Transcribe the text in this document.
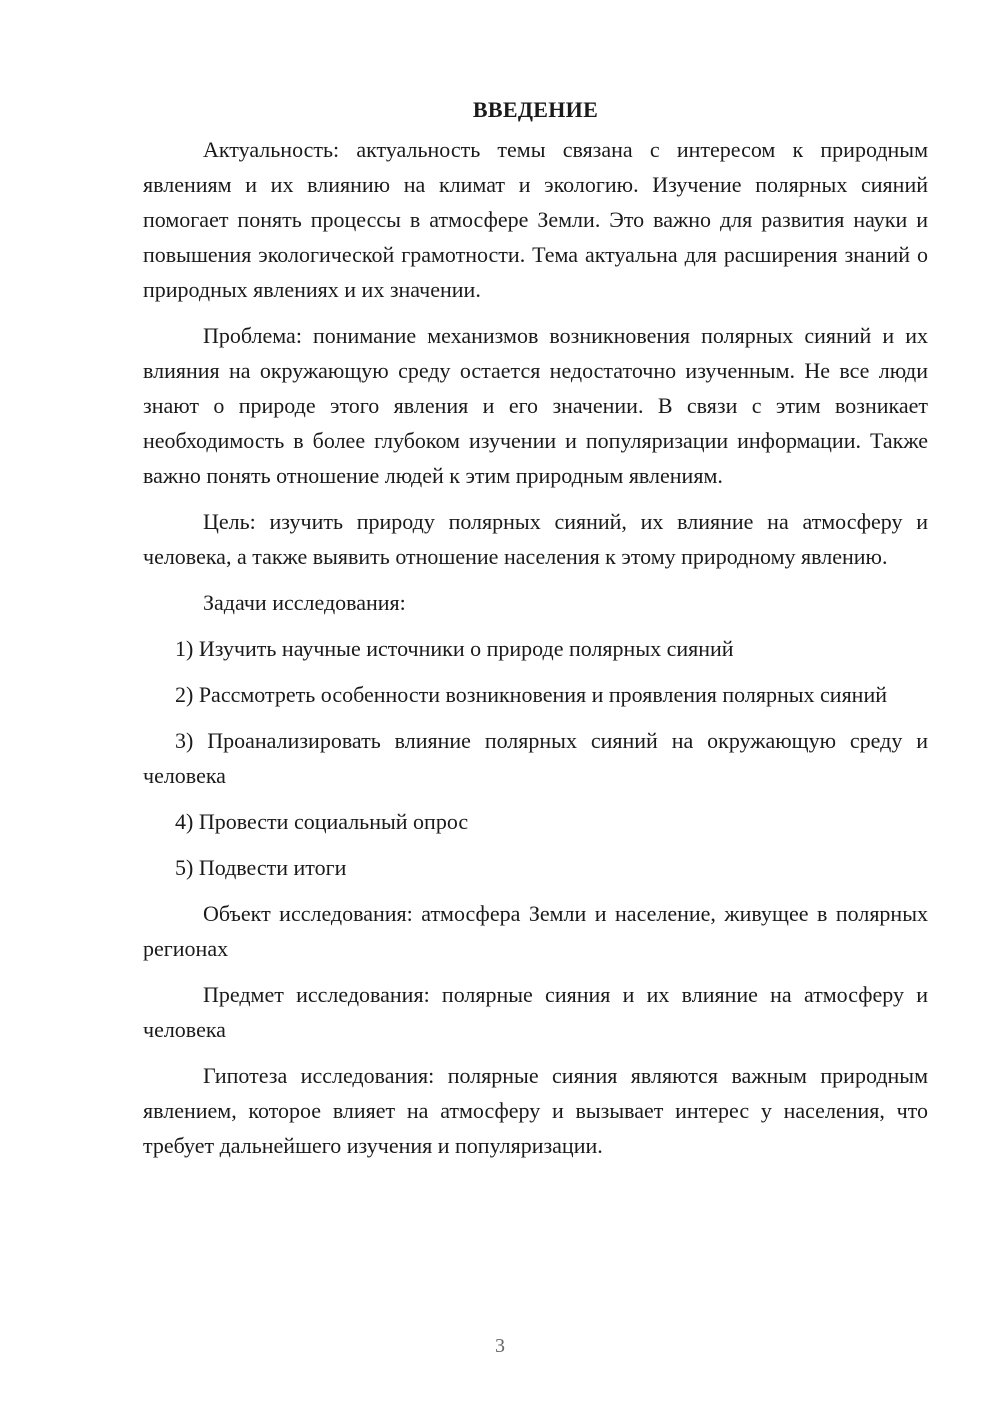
ВВЕДЕНИЕ

Актуальность: актуальность темы связана с интересом к природным явлениям и их влиянию на климат и экологию. Изучение полярных сияний помогает понять процессы в атмосфере Земли. Это важно для развития науки и повышения экологической грамотности. Тема актуальна для расширения знаний о природных явлениях и их значении.

Проблема: понимание механизмов возникновения полярных сияний и их влияния на окружающую среду остается недостаточно изученным. Не все люди знают о природе этого явления и его значении. В связи с этим возникает необходимость в более глубоком изучении и популяризации информации. Также важно понять отношение людей к этим природным явлениям.

Цель: изучить природу полярных сияний, их влияние на атмосферу и человека, а также выявить отношение населения к этому природному явлению.

Задачи исследования:

1) Изучить научные источники о природе полярных сияний

2) Рассмотреть особенности возникновения и проявления полярных сияний

3) Проанализировать влияние полярных сияний на окружающую среду и человека

4) Провести социальный опрос

5) Подвести итоги

Объект исследования: атмосфера Земли и население, живущее в полярных регионах

Предмет исследования: полярные сияния и их влияние на атмосферу и человека

Гипотеза исследования: полярные сияния являются важным природным явлением, которое влияет на атмосферу и вызывает интерес у населения, что требует дальнейшего изучения и популяризации.

3
